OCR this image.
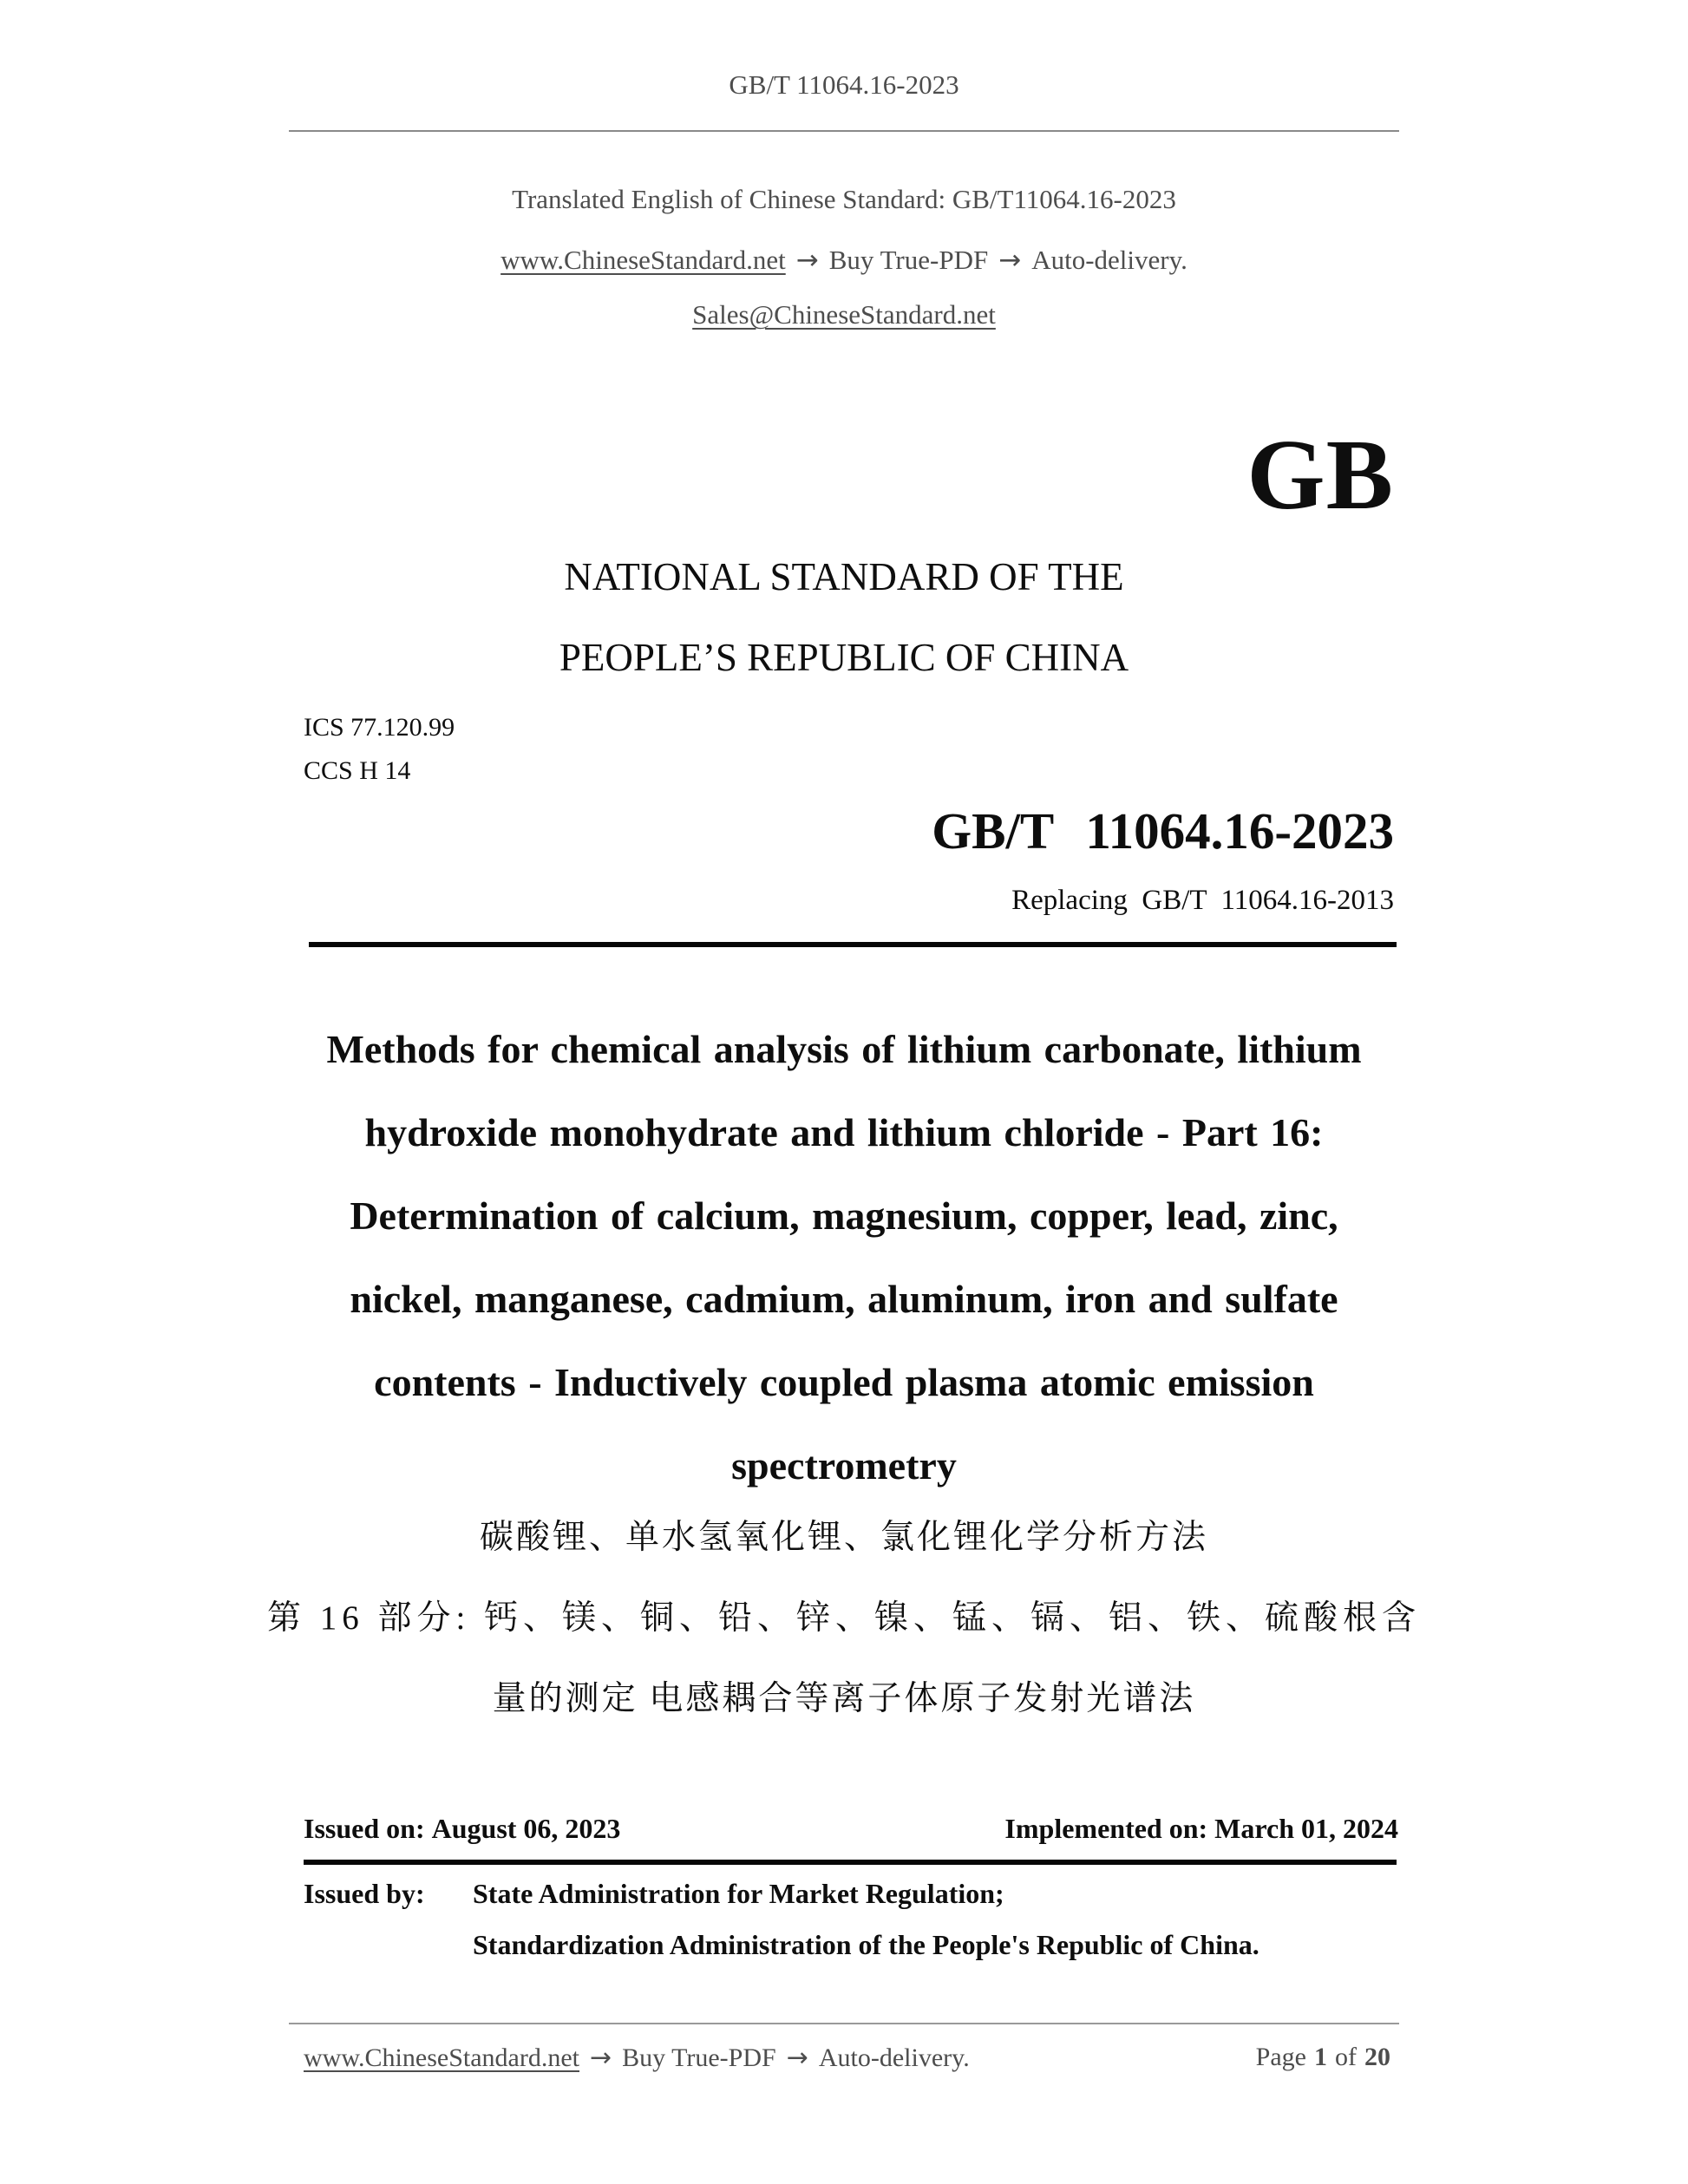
GB/T 11064.16-2023
Translated English of Chinese Standard: GB/T11064.16-2023
www.ChineseStandard.net → Buy True-PDF → Auto-delivery.
Sales@ChineseStandard.net
GB
NATIONAL STANDARD OF THE
PEOPLE’S REPUBLIC OF CHINA
ICS 77.120.99
CCS H 14
GB/T 11064.16-2023
Replacing GB/T 11064.16-2013
Methods for chemical analysis of lithium carbonate, lithium
hydroxide monohydrate and lithium chloride - Part 16:
Determination of calcium, magnesium, copper, lead, zinc,
nickel, manganese, cadmium, aluminum, iron and sulfate
contents - Inductively coupled plasma atomic emission
spectrometry
碳酸锂、单水氢氧化锂、氯化锂化学分析方法
第 16 部分: 钙、镁、铜、铅、锌、镍、锰、镉、铝、铁、硫酸根含
量的测定 电感耦合等离子体原子发射光谱法
Issued on: August 06, 2023	Implemented on: March 01, 2024
Issued by: State Administration for Market Regulation;
Standardization Administration of the People's Republic of China.
www.ChineseStandard.net → Buy True-PDF → Auto-delivery.	Page 1 of 20
